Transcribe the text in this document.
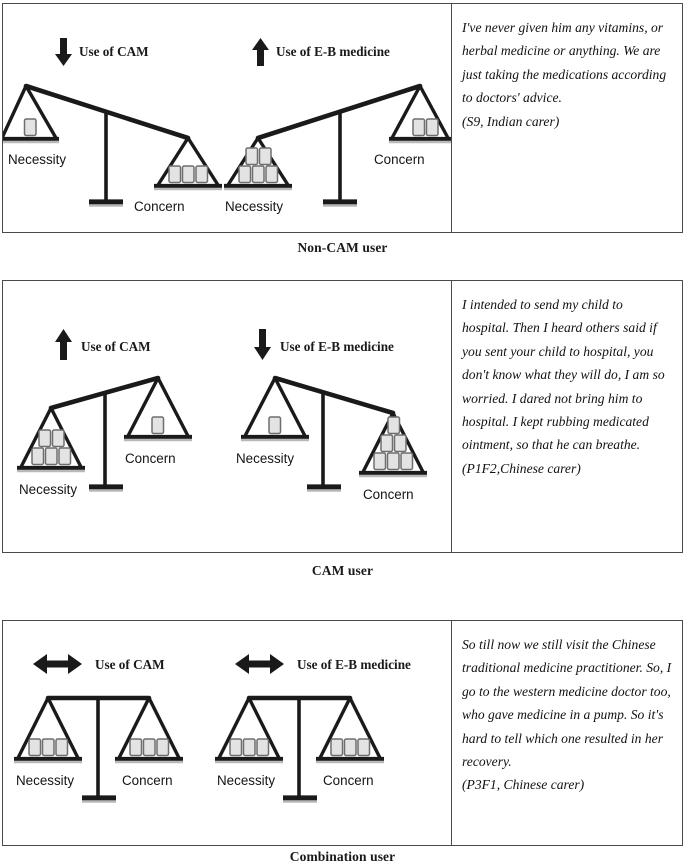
Use of CAM
Necessity
Concern
Use of E-B medicine
Necessity
Concern

I've never given him any vitamins, or herbal medicine or anything. We are just taking the medications according to doctors' advice.

(S9, Indian carer)

Non-CAM user
Use of CAM
Necessity
Concern
Use of E-B medicine
Necessity
Concern

I intended to send my child to hospital. Then I heard others said if you sent your child to hospital, you don't know what they will do, I am so worried. I dared not bring him to hospital. I kept rubbing medicated ointment, so that he can breathe.

(P1F2,Chinese carer)

CAM user
Use of CAM
Necessity	Concern
Use of E-B medicine
Necessity	Concern

So till now we still visit the Chinese traditional medicine practitioner. So, I go to the western medicine doctor too, who gave medicine in a pump. So it's hard to tell which one resulted in her recovery.

(P3F1, Chinese carer)

Combination user
